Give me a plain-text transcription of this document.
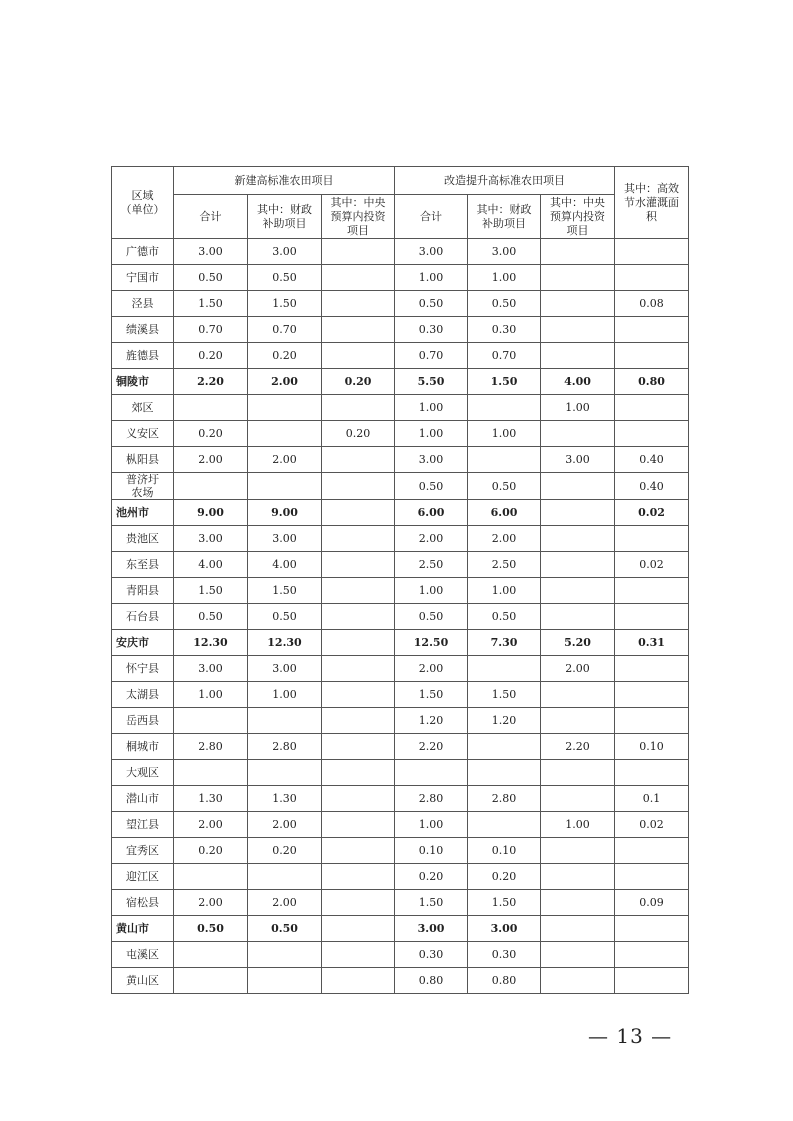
区域
（单位）	新建高标准农田项目			改造提升高标准农田项目			其中：高效节水灌溉面积
	合计	其中：财政补助项目	其中：中央预算内投资项目	合计	其中：财政补助项目	其中：中央预算内投资项目	
广德市	3.00	3.00		3.00	3.00		
宁国市	0.50	0.50		1.00	1.00		
泾县	1.50	1.50		0.50	0.50		0.08
绩溪县	0.70	0.70		0.30	0.30		
旌德县	0.20	0.20		0.70	0.70		
铜陵市	2.20	2.00	0.20	5.50	1.50	4.00	0.80
郊区				1.00		1.00	
义安区	0.20		0.20	1.00	1.00		
枞阳县	2.00	2.00		3.00		3.00	0.40
普济圩
农场				0.50	0.50		0.40
池州市	9.00	9.00		6.00	6.00		0.02
贵池区	3.00	3.00		2.00	2.00		
东至县	4.00	4.00		2.50	2.50		0.02
青阳县	1.50	1.50		1.00	1.00		
石台县	0.50	0.50		0.50	0.50		
安庆市	12.30	12.30		12.50	7.30	5.20	0.31
怀宁县	3.00	3.00		2.00		2.00	
太湖县	1.00	1.00		1.50	1.50		
岳西县				1.20	1.20		
桐城市	2.80	2.80		2.20		2.20	0.10
大观区							
潜山市	1.30	1.30		2.80	2.80		0.1
望江县	2.00	2.00		1.00		1.00	0.02
宜秀区	0.20	0.20		0.10	0.10		
迎江区				0.20	0.20		
宿松县	2.00	2.00		1.50	1.50		0.09
黄山市	0.50	0.50		3.00	3.00		
屯溪区				0.30	0.30		
黄山区				0.80	0.80		
— 13 —
